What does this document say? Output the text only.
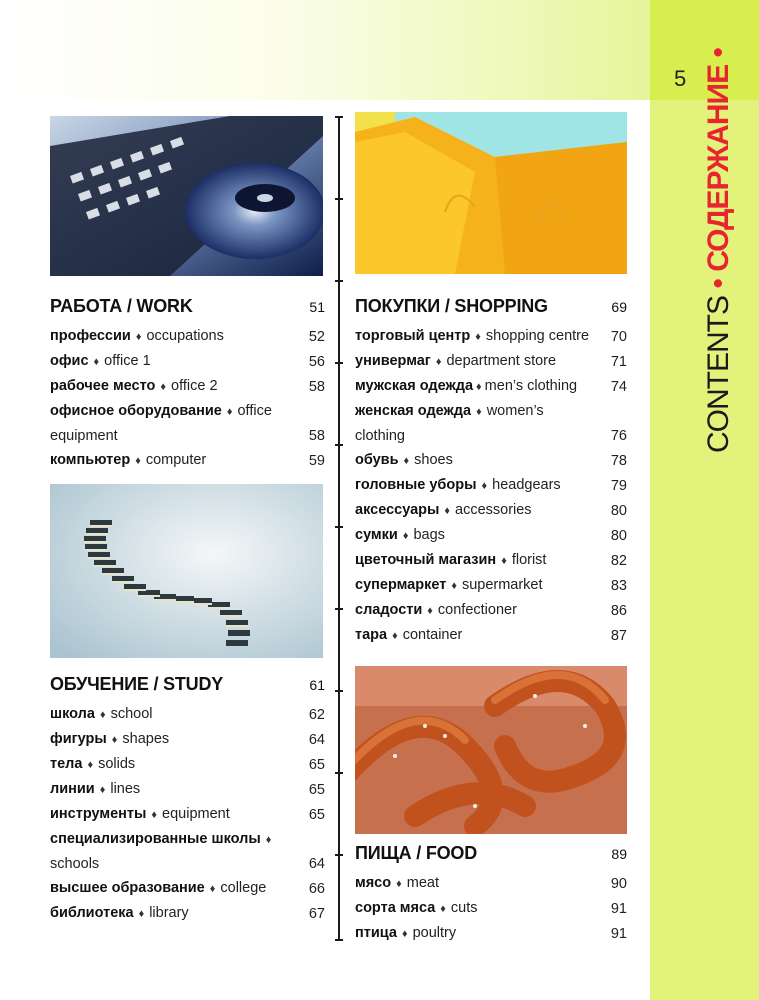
5
CONTENTS • СОДЕРЖАНИЕ •
РАБОТА / WORK	51
профессии ♦ occupations	52
офис ♦ office 1	56
рабочее место ♦ office 2	58
офисное оборудование ♦ office equipment	58
компьютер ♦ computer	59
ОБУЧЕНИЕ / STUDY	61
школа ♦ school	62
фигуры ♦ shapes	64
тела ♦ solids	65
линии ♦ lines	65
инструменты ♦ equipment	65
специализированные школы ♦
schools	64
высшее образование ♦ college	66
библиотека ♦ library	67
ПОКУПКИ / SHOPPING	69
торговый центр ♦ shopping centre 70
универмаг ♦ department store	71
мужская одежда ♦ men’s clothing 74
женская одежда ♦ women’s clothing	76
обувь ♦ shoes	78
головные уборы ♦ headgears	79
аксессуары ♦ accessories	80
сумки ♦ bags	80
цветочный магазин ♦ florist	82
супермаркет ♦ supermarket	83
сладости ♦ confectioner	86
тара ♦ container	87
ПИЩА / FOOD	89
мясо ♦ meat	90
сорта мяса ♦ cuts	91
птица ♦ poultry	91
